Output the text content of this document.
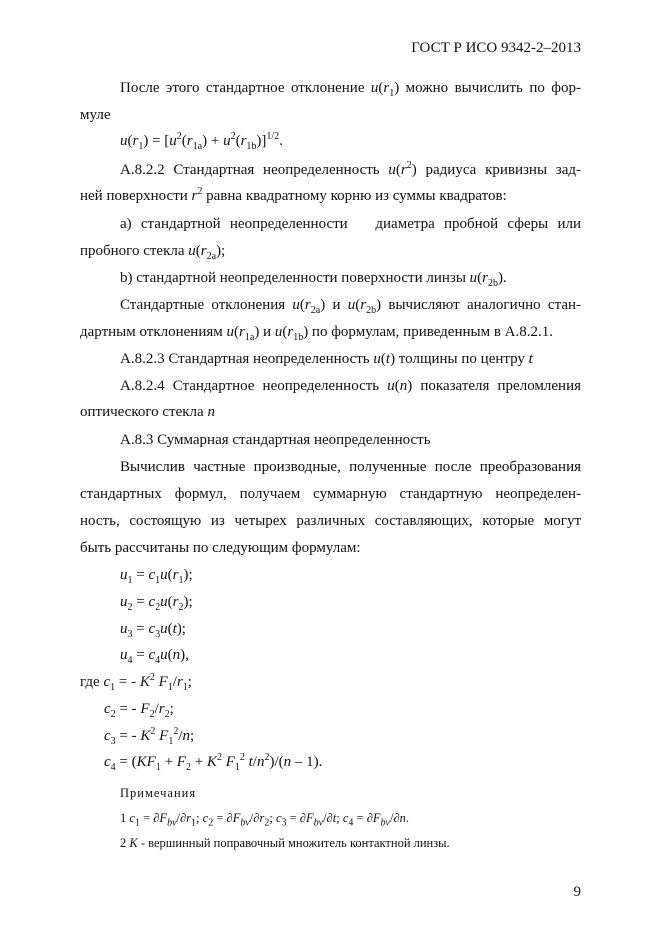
ГОСТ Р ИСО 9342-2–2013
После этого стандартное отклонение $u(r_1)$ можно вычислить по фор-
муле
$u(r_1) = [u^2(r_{1a}) + u^2(r_{1b})]^{1/2}$.
А.8.2.2 Стандартная неопределенность $u(r^2)$ радиуса кривизны зад-
ней поверхности $r^2$ равна квадратному корню из суммы квадратов:
а) стандартной неопределенности   диаметра пробной сферы или
пробного стекла $u(r_{2a})$;
b) стандартной неопределенности поверхности линзы $u(r_{2b})$.
Стандартные отклонения $u(r_{2a})$ и $u(r_{2b})$ вычисляют аналогично стан-
дартным отклонениям $u(r_{1a})$ и $u(r_{1b})$ по формулам, приведенным в А.8.2.1.
А.8.2.3 Стандартная неопределенность u(t) толщины по центру t
А.8.2.4 Стандартное неопределенность u(n) показателя преломления
оптического стекла n
А.8.3 Суммарная стандартная неопределенность
Вычислив частные производные, полученные после преобразования
стандартных формул, получаем суммарную стандартную неопределен-
ность, состоящую из четырех различных составляющих, которые могут
быть рассчитаны по следующим формулам:
$u_1 = c_1u(r_1)$;
$u_2 = c_2u(r_2)$;
$u_3 = c_3u(t)$;
$u_4 = c_4u(n)$,
где $c_1$ = - $K^2$ $F_1/r_1$;
$c_2$ = - $F_2/r_2$;
$c_3$ = - $K^2$ $F_1^2/n$;
$c_4 = (KF_1 + F_2 + K^2$ $F_1^2$ $t/n^2)/(n - 1)$.
Примечания
1 $c_1 = \partial F_{bv}/\partial r_1$; $c_2 = \partial F_{bv}/\partial r_2$; $c_3 = \partial F_{bv}/\partial t$; $c_4 = \partial F_{bv}/\partial n$.
2 K - вершинный поправочный множитель контактной линзы.
9
